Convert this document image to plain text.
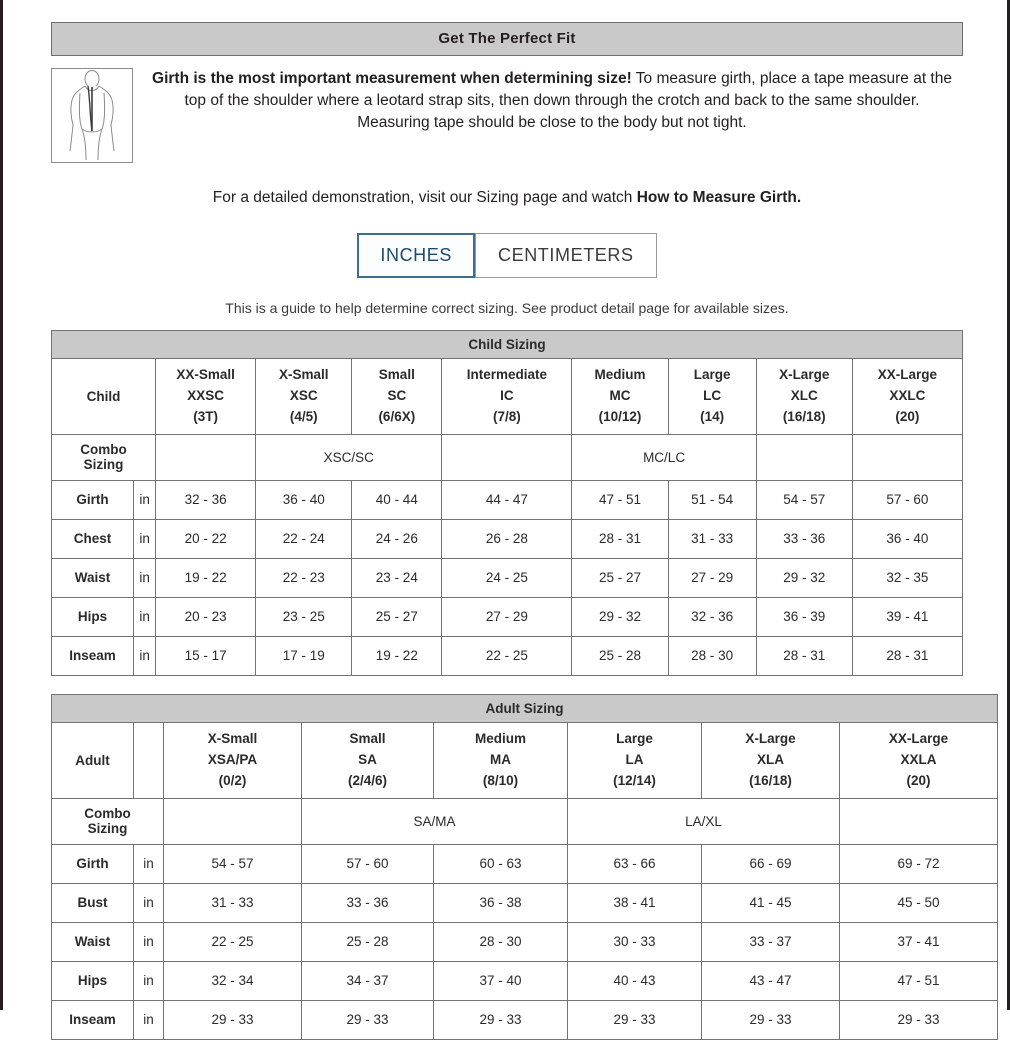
Get The Perfect Fit
Girth is the most important measurement when determining size! To measure girth, place a tape measure at the top of the shoulder where a leotard strap sits, then down through the crotch and back to the same shoulder. Measuring tape should be close to the body but not tight.
For a detailed demonstration, visit our Sizing page and watch How to Measure Girth.
INCHES	CENTIMETERS
This is a guide to help determine correct sizing. See product detail page for available sizes.
Child Sizing									
Child		XX-Small
XXSC
(3T)	X-Small
XSC
(4/5)	Small
SC
(6/6X)	Intermediate
IC
(7/8)	Medium
MC
(10/12)	Large
LC
(14)	X-Large
XLC
(16/18)	XX-Large
XXLC
(20)

Combo
Sizing			XSC/SC			MC/LC			
Girth	in	32 - 36	36 - 40	40 - 44	44 - 47	47 - 51	51 - 54	54 - 57	57 - 60
Chest	in	20 - 22	22 - 24	24 - 26	26 - 28	28 - 31	31 - 33	33 - 36	36 - 40
Waist	in	19 - 22	22 - 23	23 - 24	24 - 25	25 - 27	27 - 29	29 - 32	32 - 35
Hips	in	20 - 23	23 - 25	25 - 27	27 - 29	29 - 32	32 - 36	36 - 39	39 - 41
Inseam	in	15 - 17	17 - 19	19 - 22	22 - 25	25 - 28	28 - 30	28 - 31	28 - 31
Adult Sizing							
Adult		X-Small
XSA/PA
(0/2)	Small
SA
(2/4/6)	Medium
MA
(8/10)	Large
LA
(12/14)	X-Large
XLA
(16/18)	XX-Large
XXLA
(20)

Combo
Sizing			SA/MA		LA/XL		
Girth	in	54 - 57	57 - 60	60 - 63	63 - 66	66 - 69	69 - 72
Bust	in	31 - 33	33 - 36	36 - 38	38 - 41	41 - 45	45 - 50
Waist	in	22 - 25	25 - 28	28 - 30	30 - 33	33 - 37	37 - 41
Hips	in	32 - 34	34 - 37	37 - 40	40 - 43	43 - 47	47 - 51
Inseam	in	29 - 33	29 - 33	29 - 33	29 - 33	29 - 33	29 - 33
